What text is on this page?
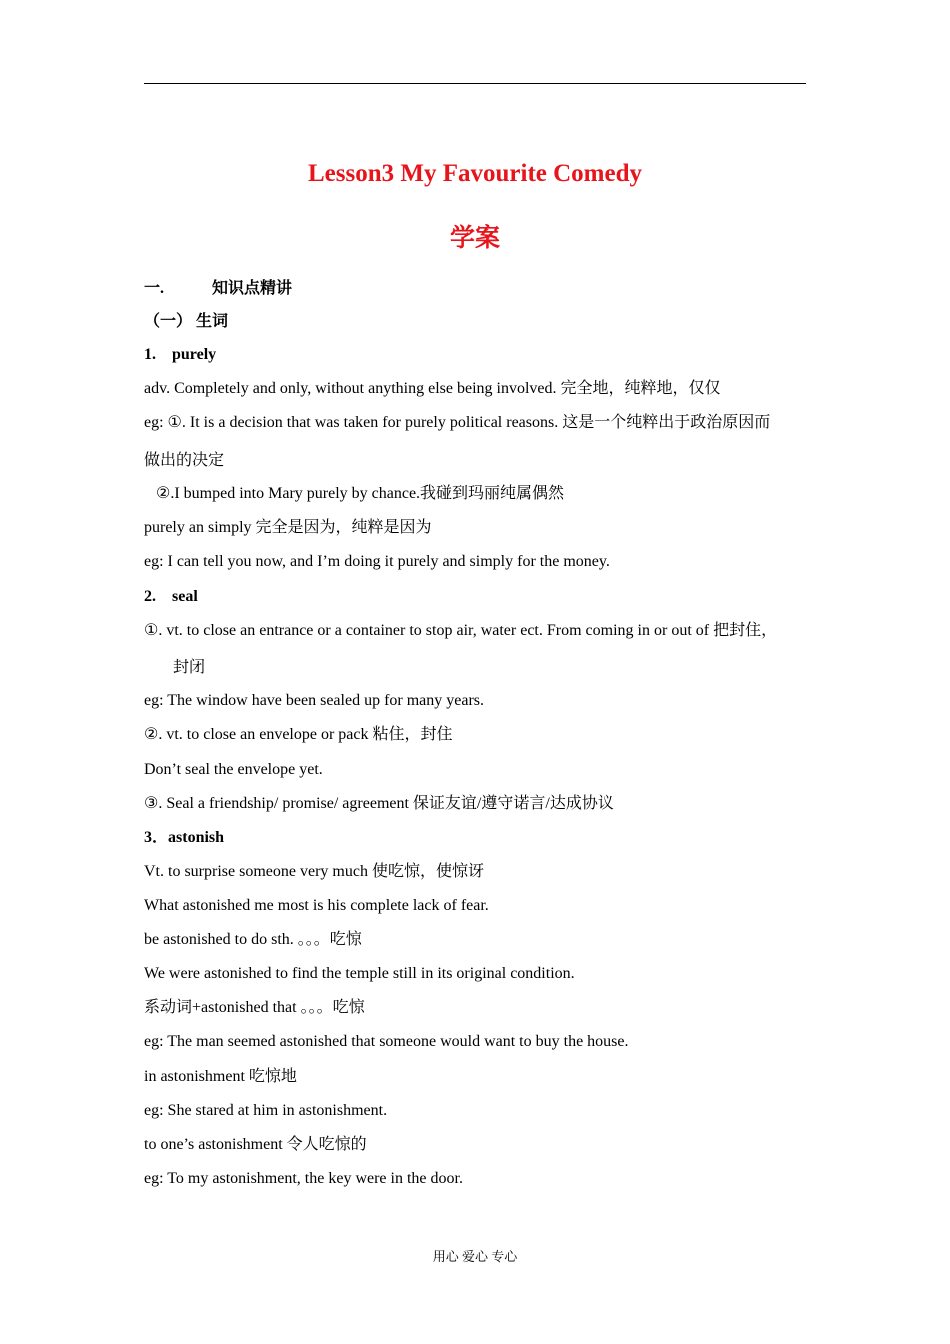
Lesson3 My Favourite Comedy
学案
一.	知识点精讲
（一） 生词
1. purely
adv. Completely and only, without anything else being involved. 完全地，纯粹地，仅仅
eg: ①. It is a decision that was taken for purely political reasons. 这是一个纯粹出于政治原因而
做出的决定
②.I bumped into Mary purely by chance.我碰到玛丽纯属偶然
purely an simply 完全是因为，纯粹是因为
eg: I can tell you now, and I’m doing it purely and simply for the money.
2. seal
①. vt. to close an entrance or a container to stop air, water ect. From coming in or out of 把封住，
封闭
eg: The window have been sealed up for many years.
②. vt. to close an envelope or pack 粘住，封住
Don’t seal the envelope yet.
③. Seal a friendship/ promise/ agreement 保证友谊/遵守诺言/达成协议
3．astonish
Vt. to surprise someone very much 使吃惊，使惊讶
What astonished me most is his complete lack of fear.
be astonished to do sth. 。。。吃惊
We were astonished to find the temple still in its original condition.
系动词+astonished that 。。。吃惊
eg: The man seemed astonished that someone would want to buy the house.
in astonishment 吃惊地
eg: She stared at him in astonishment.
to one’s astonishment 令人吃惊的
eg: To my astonishment, the key were in the door.
用心 爱心 专心
